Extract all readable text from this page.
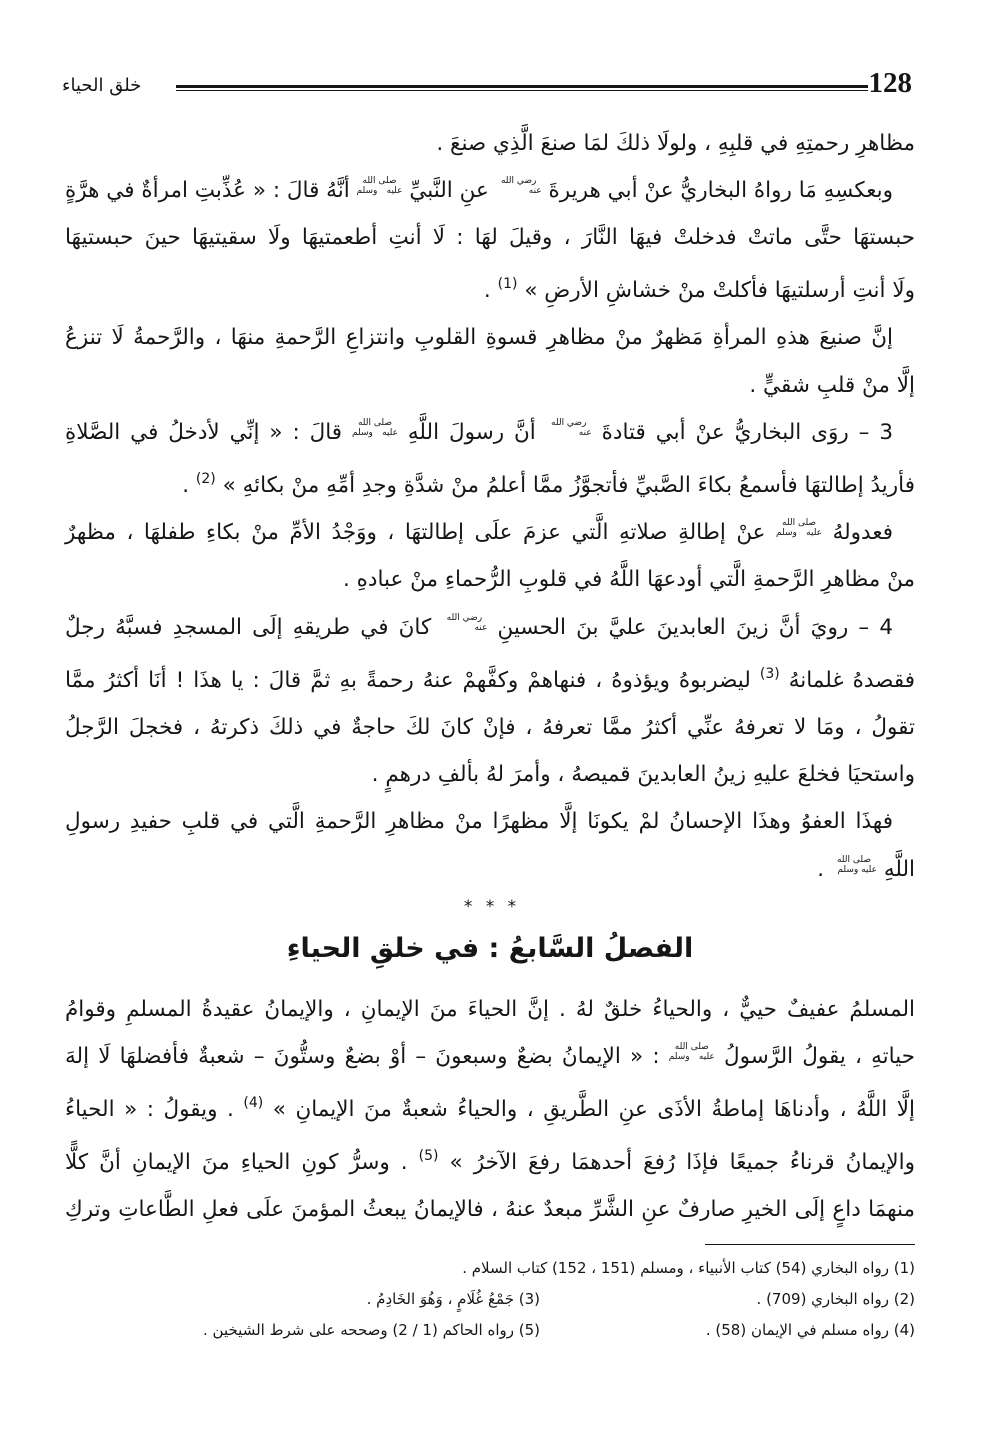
128
خلق الحياء
مظاهرِ رحمتِهِ في قلبِهِ ، ولولَا ذلكَ لمَا صنعَ الَّذِي صنعَ .
وبعكسِهِ مَا رواهُ البخاريُّ عنْ أبي هريرةَ رضي الله عنه عنِ النَّبيِّ صلى الله عليه وسلم أنَّهُ قالَ : « عُذِّبتِ امرأةٌ في هرَّةٍ
حبستهَا حتَّى ماتتْ فدخلتْ فيهَا النَّارَ ، وقيلَ لهَا : لَا أنتِ أطعمتيهَا ولَا سقيتيهَا حينَ حبستيهَا
ولَا أنتِ أرسلتيهَا فأكلتْ منْ خشاشِ الأرضِ » $^{(1)}$ .
إنَّ صنيعَ هذهِ المرأةِ مَظهرٌ منْ مظاهرِ قسوةِ القلوبِ وانتزاعِ الرَّحمةِ منهَا ، والرَّحمةُ لَا تنزعُ
إلَّا منْ قلبِ شقيٍّ .
3 – روَى البخاريُّ عنْ أبي قتادةَ رضي الله عنه أنَّ رسولَ اللَّهِ صلى الله عليه وسلم قالَ : « إنِّي لأدخلُ في الصَّلاةِ
فأريدُ إطالتهَا فأسمعُ بكاءَ الصَّبيِّ فأتجوَّزُ ممَّا أعلمُ منْ شدَّةِ وجدِ أمِّهِ منْ بكائهِ » $^{(2)}$ .
فعدولهُ صلى الله عليه وسلم عنْ إطالةِ صلاتهِ الَّتي عزمَ علَى إطالتهَا ، ووَجْدُ الأمِّ منْ بكاءِ طفلهَا ، مظهرٌ
منْ مظاهرِ الرَّحمةِ الَّتي أودعهَا اللَّهُ في قلوبِ الرُّحماءِ منْ عبادهِ .
4 – رويَ أنَّ زينَ العابدينَ عليَّ بنَ الحسينِ رضي الله عنه كانَ في طريقهِ إلَى المسجدِ فسبَّهُ رجلٌ
فقصدهُ غلمانهُ $^{(3)}$ ليضربوهُ ويؤذوهُ ، فنهاهمْ وكفَّهمْ عنهُ رحمةً بهِ ثمَّ قالَ : يا هذَا ! أنَا أكثرُ ممَّا
تقولُ ، ومَا لا تعرفهُ عنِّي أكثرُ ممَّا تعرفهُ ، فإنْ كانَ لكَ حاجةٌ في ذلكَ ذكرتهُ ، فخجلَ الرَّجلُ
واستحيَا فخلعَ عليهِ زينُ العابدينَ قميصهُ ، وأمرَ لهُ بألفِ درهمٍ .
فهذَا العفوُ وهذَا الإحسانُ لمْ يكونَا إلَّا مظهرًا منْ مظاهرِ الرَّحمةِ الَّتي في قلبِ حفيدِ رسولِ
اللَّهِ صلى الله عليه وسلم .
* * *
الفصلُ السَّابعُ : في خلقِ الحياءِ
المسلمُ عفيفٌ حييٌّ ، والحياءُ خلقٌ لهُ . إنَّ الحياءَ منَ الإيمانِ ، والإيمانُ عقيدةُ المسلمِ وقوامُ
حياتهِ ، يقولُ الرَّسولُ صلى الله عليه وسلم : « الإيمانُ بضعٌ وسبعونَ – أوْ بضعٌ وستُّونَ – شعبةٌ فأفضلهَا لَا إلهَ
إلَّا اللَّهُ ، وأدناهَا إماطةُ الأذَى عنِ الطَّريقِ ، والحياءُ شعبةٌ منَ الإيمانِ » $^{(4)}$ . ويقولُ : « الحياءُ
والإيمانُ قرناءُ جميعًا فإذَا رُفعَ أحدهمَا رفعَ الآخرُ » $^{(5)}$ . وسرُّ كونِ الحياءِ منَ الإيمانِ أنَّ كلًّا
منهمَا داعٍ إلَى الخيرِ صارفٌ عنِ الشَّرِّ مبعدٌ عنهُ ، فالإيمانُ يبعثُ المؤمنَ علَى فعلِ الطَّاعاتِ وتركِ
(1) رواه البخاري (54) كتاب الأنبياء ، ومسلم (151 ، 152) كتاب السلام .
(2) رواه البخاري (709) .
(3) جَمْعُ غُلَامٍ ، وَهُوَ الخَادِمُ .
(4) رواه مسلم في الإيمان (58) .
(5) رواه الحاكم (1 / 2) وصححه على شرط الشيخين .
